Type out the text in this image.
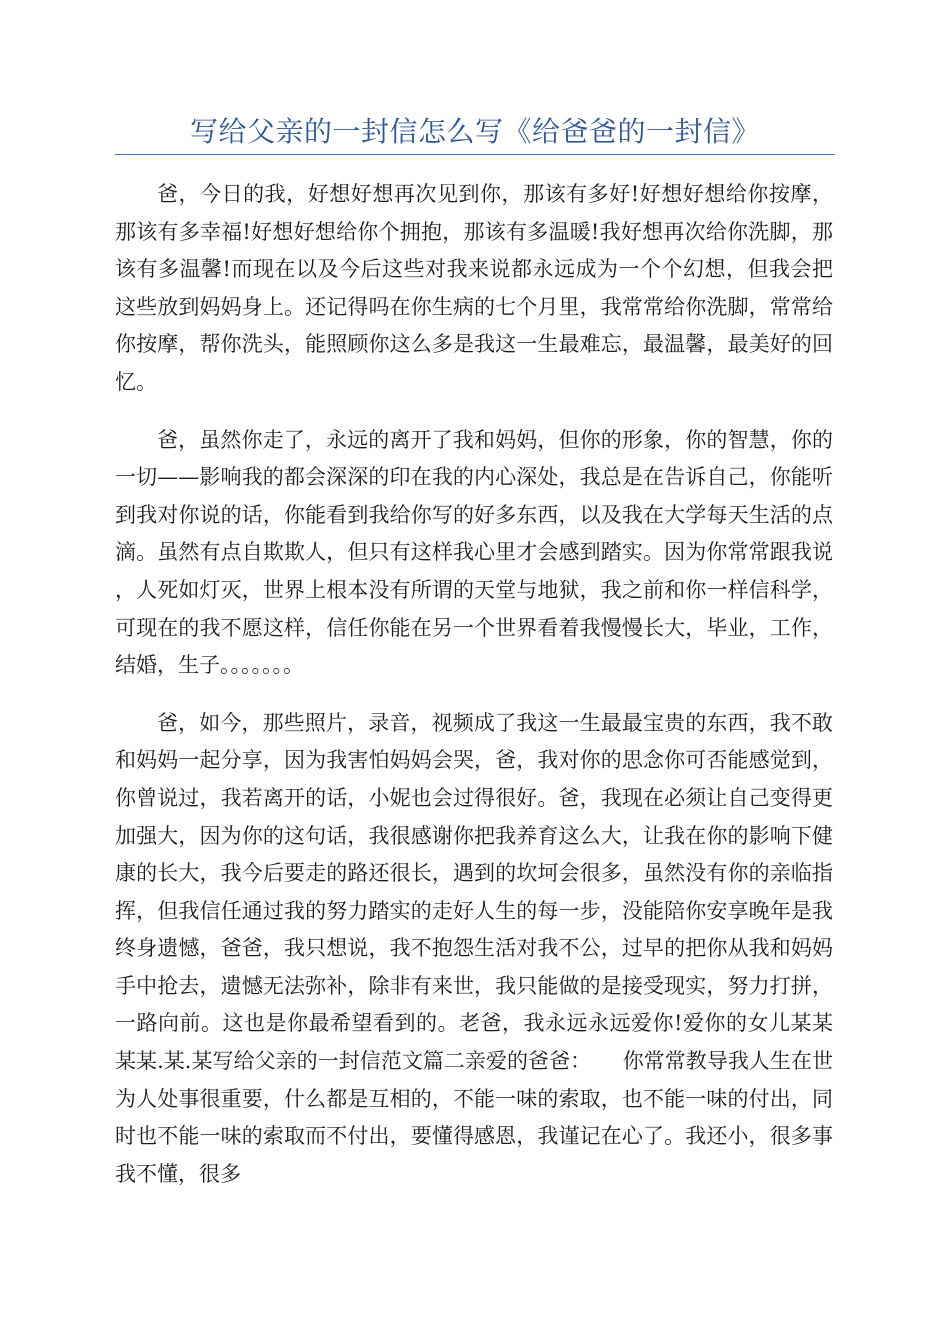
写给父亲的一封信怎么写《给爸爸的一封信》

爸，今日的我，好想好想再次见到你，那该有多好!好想好想给你按摩，那该有多幸福!好想好想给你个拥抱，那该有多温暖!我好想再次给你洗脚，那该有多温馨!而现在以及今后这些对我来说都永远成为一个个幻想，但我会把这些放到妈妈身上。还记得吗在你生病的七个月里，我常常给你洗脚，常常给你按摩，帮你洗头，能照顾你这么多是我这一生最难忘，最温馨，最美好的回忆。

爸，虽然你走了，永远的离开了我和妈妈，但你的形象，你的智慧，你的一切——影响我的都会深深的印在我的内心深处，我总是在告诉自己，你能听到我对你说的话，你能看到我给你写的好多东西，以及我在大学每天生活的点滴。虽然有点自欺欺人，但只有这样我心里才会感到踏实。因为你常常跟我说，人死如灯灭，世界上根本没有所谓的天堂与地狱，我之前和你一样信科学，可现在的我不愿这样，信任你能在另一个世界看着我慢慢长大，毕业，工作，结婚，生子。。。。。。。

爸，如今，那些照片，录音，视频成了我这一生最最宝贵的东西，我不敢和妈妈一起分享，因为我害怕妈妈会哭，爸，我对你的思念你可否能感觉到，你曾说过，我若离开的话，小妮也会过得很好。爸，我现在必须让自己变得更加强大，因为你的这句话，我很感谢你把我养育这么大，让我在你的影响下健康的长大，我今后要走的路还很长，遇到的坎坷会很多，虽然没有你的亲临指挥，但我信任通过我的努力踏实的走好人生的每一步，没能陪你安享晚年是我终身遗憾，爸爸，我只想说，我不抱怨生活对我不公，过早的把你从我和妈妈手中抢去，遗憾无法弥补，除非有来世，我只能做的是接受现实，努力打拼，一路向前。这也是你最希望看到的。老爸，我永远永远爱你!爱你的女儿某某某某.某.某写给父亲的一封信范文篇二亲爱的爸爸：　　你常常教导我人生在世为人处事很重要，什么都是互相的，不能一味的索取，也不能一味的付出，同时也不能一味的索取而不付出，要懂得感恩，我谨记在心了。我还小，很多事我不懂，很多
